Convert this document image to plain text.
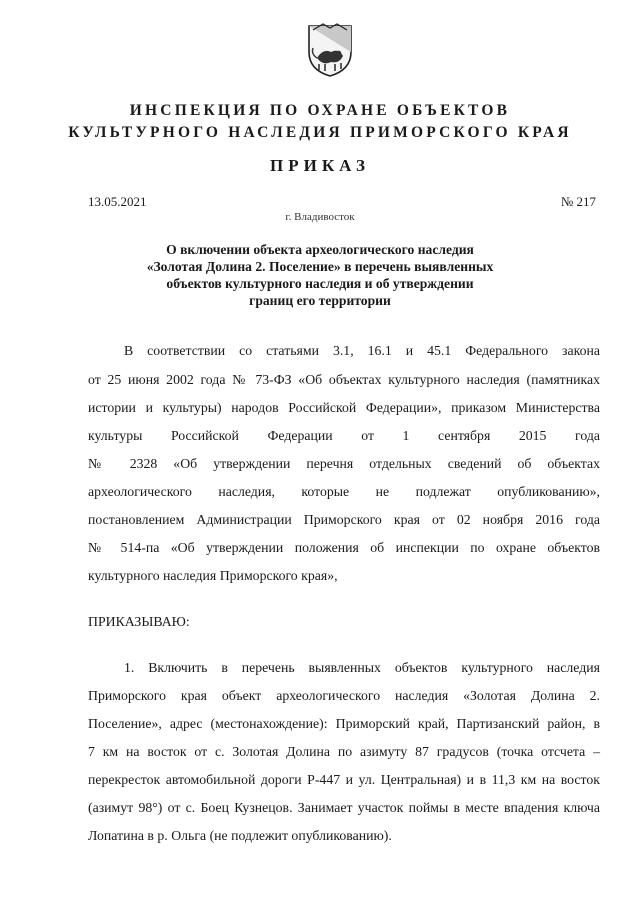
ИНСПЕКЦИЯ ПО ОХРАНЕ ОБЪЕКТОВ
КУЛЬТУРНОГО НАСЛЕДИЯ ПРИМОРСКОГО КРАЯ
ПРИКАЗ
13.05.2021	№ 217
г. Владивосток
О включении объекта археологического наследия
«Золотая Долина 2. Поселение» в перечень выявленных
объектов культурного наследия и об утверждении
границ его территории
В соответствии со статьями 3.1, 16.1 и 45.1 Федерального закона
от 25 июня 2002 года № 73-ФЗ «Об объектах культурного наследия (памятниках
истории и культуры) народов Российской Федерации», приказом Министерства
культуры Российской Федерации от 1 сентября 2015 года
№ 2328 «Об утверждении перечня отдельных сведений об объектах
археологического наследия, которые не подлежат опубликованию»,
постановлением Администрации Приморского края от 02 ноября 2016 года
№ 514-па «Об утверждении положения об инспекции по охране объектов
культурного наследия Приморского края»,
ПРИКАЗЫВАЮ:
1. Включить в перечень выявленных объектов культурного наследия
Приморского края объект археологического наследия «Золотая Долина 2.
Поселение», адрес (местонахождение): Приморский край, Партизанский район, в
7 км на восток от с. Золотая Долина по азимуту 87 градусов (точка отсчета –
перекресток автомобильной дороги Р-447 и ул. Центральная) и в 11,3 км на восток
(азимут 98°) от с. Боец Кузнецов. Занимает участок поймы в месте впадения ключа
Лопатина в р. Ольга (не подлежит опубликованию).
